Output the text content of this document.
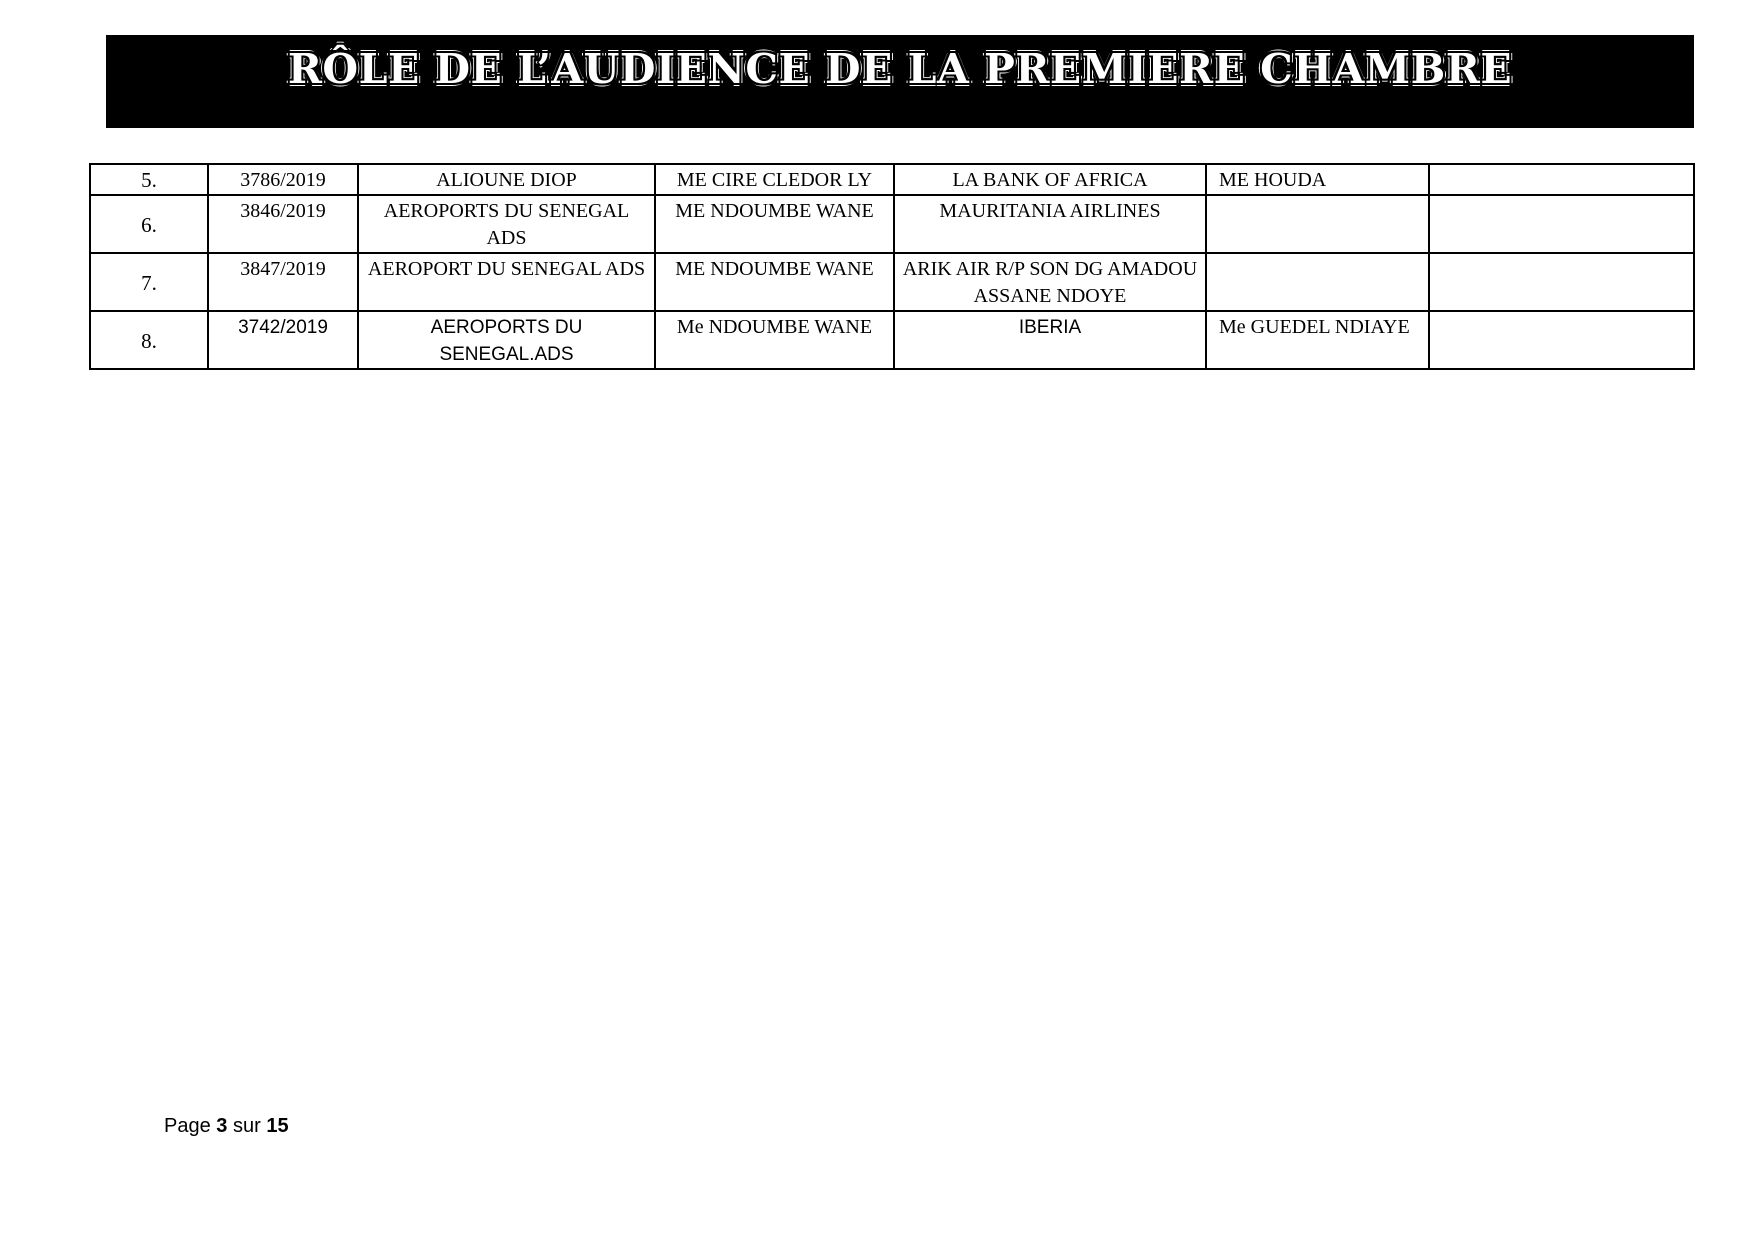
RÔLE DE L’AUDIENCE DE LA PREMIERE CHAMBRE
5.	3786/2019	ALIOUNE DIOP	ME CIRE CLEDOR LY	LA BANK OF AFRICA	ME HOUDA	
6.	3846/2019	AEROPORTS DU SENEGAL ADS	ME NDOUMBE WANE	MAURITANIA AIRLINES		
7.	3847/2019	AEROPORT DU SENEGAL ADS	ME NDOUMBE WANE	ARIK AIR R/P SON DG AMADOU ASSANE NDOYE		
8.	3742/2019	AEROPORTS DU SENEGAL.ADS	Me NDOUMBE WANE	IBERIA	Me GUEDEL NDIAYE	
Page 3 sur 15
